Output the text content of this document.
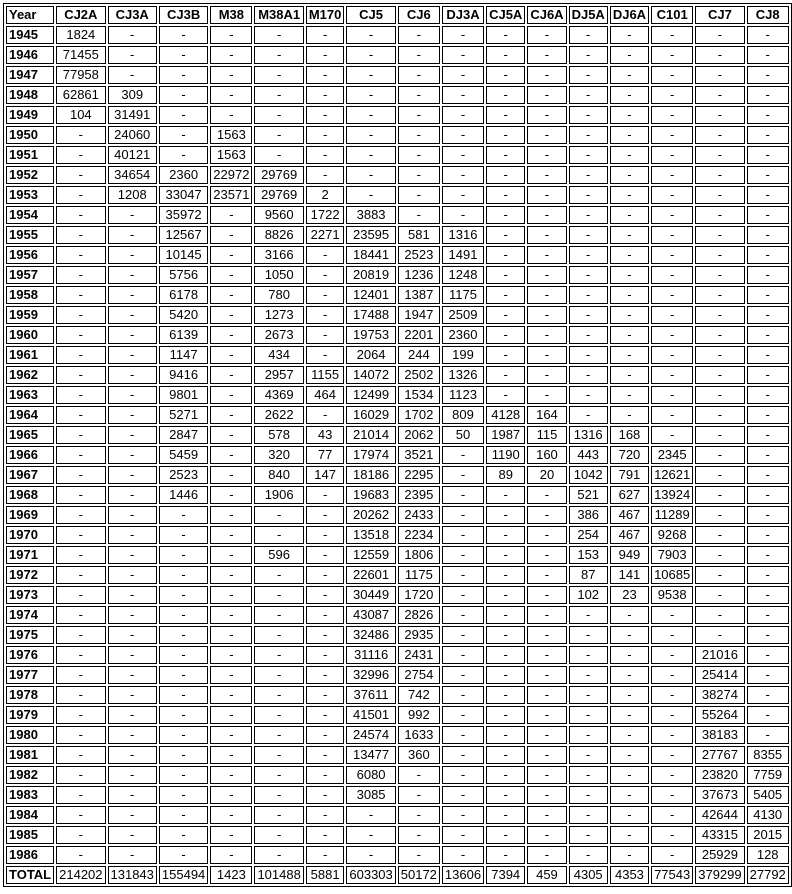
Year	CJ2A	CJ3A	CJ3B	M38	M38A1	M170	CJ5	CJ6	DJ3A	CJ5A	CJ6A	DJ5A	DJ6A	C101	CJ7	CJ8
1945	1824	-	-	-	-	-	-	-	-	-	-	-	-	-	-	-
1946	71455	-	-	-	-	-	-	-	-	-	-	-	-	-	-	-
1947	77958	-	-	-	-	-	-	-	-	-	-	-	-	-	-	-
1948	62861	309	-	-	-	-	-	-	-	-	-	-	-	-	-	-
1949	104	31491	-	-	-	-	-	-	-	-	-	-	-	-	-	-
1950	-	24060	-	1563	-	-	-	-	-	-	-	-	-	-	-	-
1951	-	40121	-	1563	-	-	-	-	-	-	-	-	-	-	-	-
1952	-	34654	2360	22972	29769	-	-	-	-	-	-	-	-	-	-	-
1953	-	1208	33047	23571	29769	2	-	-	-	-	-	-	-	-	-	-
1954	-	-	35972	-	9560	1722	3883	-	-	-	-	-	-	-	-	-
1955	-	-	12567	-	8826	2271	23595	581	1316	-	-	-	-	-	-	-
1956	-	-	10145	-	3166	-	18441	2523	1491	-	-	-	-	-	-	-
1957	-	-	5756	-	1050	-	20819	1236	1248	-	-	-	-	-	-	-
1958	-	-	6178	-	780	-	12401	1387	1175	-	-	-	-	-	-	-
1959	-	-	5420	-	1273	-	17488	1947	2509	-	-	-	-	-	-	-
1960	-	-	6139	-	2673	-	19753	2201	2360	-	-	-	-	-	-	-
1961	-	-	1147	-	434	-	2064	244	199	-	-	-	-	-	-	-
1962	-	-	9416	-	2957	1155	14072	2502	1326	-	-	-	-	-	-	-
1963	-	-	9801	-	4369	464	12499	1534	1123	-	-	-	-	-	-	-
1964	-	-	5271	-	2622	-	16029	1702	809	4128	164	-	-	-	-	-
1965	-	-	2847	-	578	43	21014	2062	50	1987	115	1316	168	-	-	-
1966	-	-	5459	-	320	77	17974	3521	-	1190	160	443	720	2345	-	-
1967	-	-	2523	-	840	147	18186	2295	-	89	20	1042	791	12621	-	-
1968	-	-	1446	-	1906	-	19683	2395	-	-	-	521	627	13924	-	-
1969	-	-	-	-	-	-	20262	2433	-	-	-	386	467	11289	-	-
1970	-	-	-	-	-	-	13518	2234	-	-	-	254	467	9268	-	-
1971	-	-	-	-	596	-	12559	1806	-	-	-	153	949	7903	-	-
1972	-	-	-	-	-	-	22601	1175	-	-	-	87	141	10685	-	-
1973	-	-	-	-	-	-	30449	1720	-	-	-	102	23	9538	-	-
1974	-	-	-	-	-	-	43087	2826	-	-	-	-	-	-	-	-
1975	-	-	-	-	-	-	32486	2935	-	-	-	-	-	-	-	-
1976	-	-	-	-	-	-	31116	2431	-	-	-	-	-	-	21016	-
1977	-	-	-	-	-	-	32996	2754	-	-	-	-	-	-	25414	-
1978	-	-	-	-	-	-	37611	742	-	-	-	-	-	-	38274	-
1979	-	-	-	-	-	-	41501	992	-	-	-	-	-	-	55264	-
1980	-	-	-	-	-	-	24574	1633	-	-	-	-	-	-	38183	-
1981	-	-	-	-	-	-	13477	360	-	-	-	-	-	-	27767	8355
1982	-	-	-	-	-	-	6080	-	-	-	-	-	-	-	23820	7759
1983	-	-	-	-	-	-	3085	-	-	-	-	-	-	-	37673	5405
1984	-	-	-	-	-	-	-	-	-	-	-	-	-	-	42644	4130
1985	-	-	-	-	-	-	-	-	-	-	-	-	-	-	43315	2015
1986	-	-	-	-	-	-	-	-	-	-	-	-	-	-	25929	128
TOTAL	214202	131843	155494	1423	101488	5881	603303	50172	13606	7394	459	4305	4353	77543	379299	27792
